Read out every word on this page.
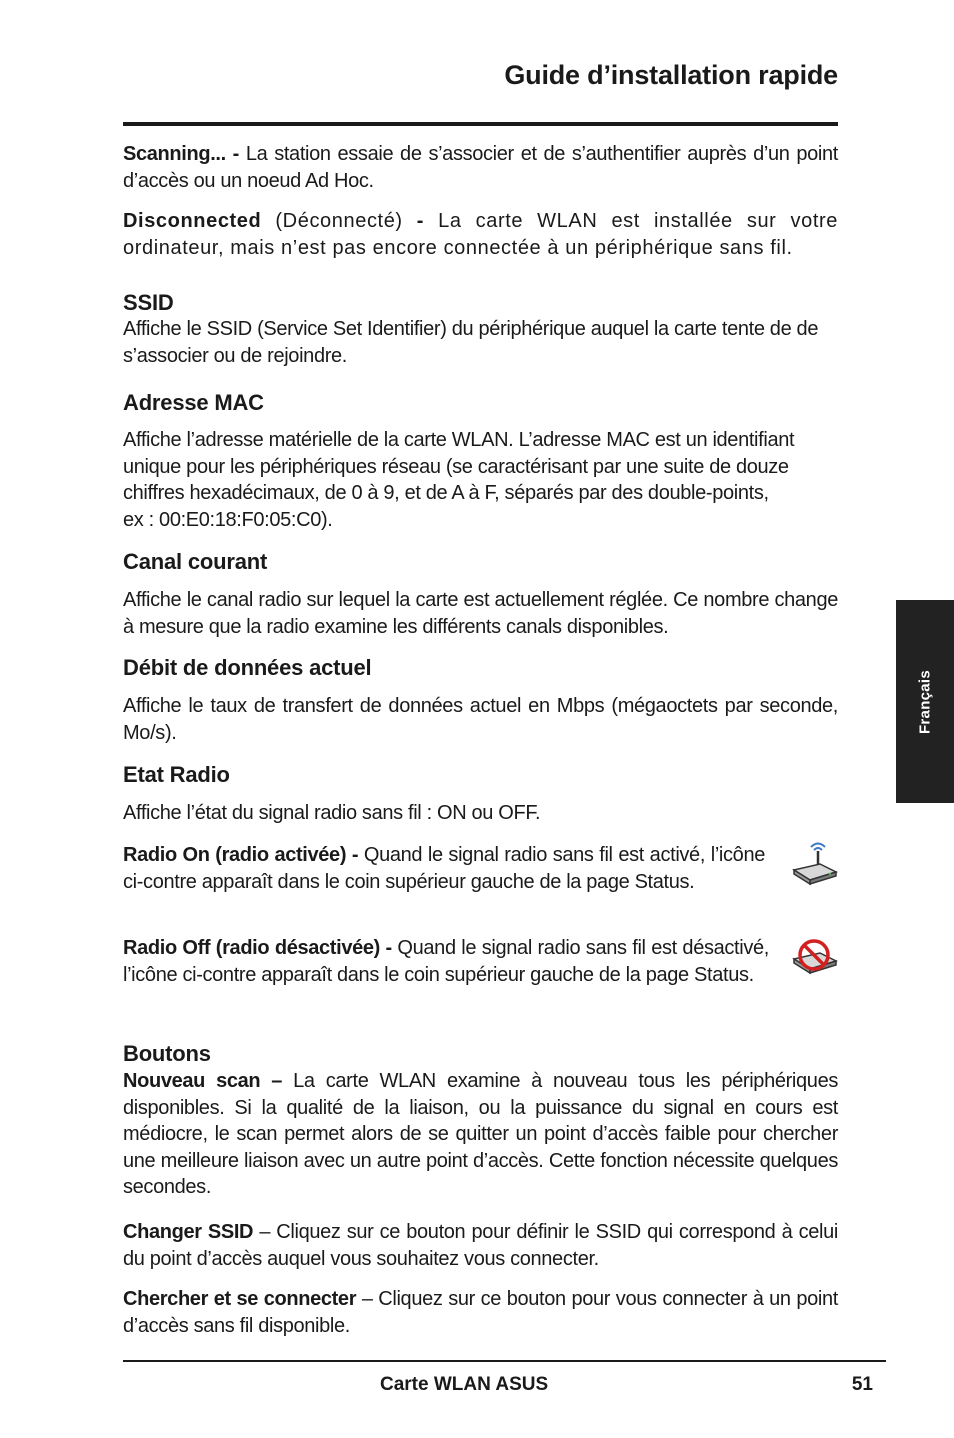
Guide d’installation rapide

Scanning... - La station essaie de s’associer et de s’authentifier auprès d’un point d’accès ou un noeud Ad Hoc.

Disconnected (Déconnecté) - La carte WLAN est installée sur votre ordinateur, mais n’est pas encore connectée à un périphérique sans fil.

SSID

Affiche le SSID (Service Set Identifier) du périphérique auquel la carte tente de de s’associer ou de rejoindre.

Adresse MAC

Affiche l’adresse matérielle de la carte WLAN. L’adresse MAC est un identifiant unique pour les périphériques réseau (se caractérisant par une suite de douze chiffres hexadécimaux, de 0 à 9, et de A à F, séparés par des double-points,

ex : 00:E0:18:F0:05:C0).

Canal courant

Affiche le canal radio sur lequel la carte est actuellement réglée. Ce nombre change à mesure que la radio examine les différents canals disponibles.

Débit de données actuel

Affiche le taux de transfert de données actuel en Mbps (mégaoctets par seconde, Mo/s).

Etat Radio

Affiche l’état du signal radio sans fil : ON ou OFF.

Radio On (radio activée) - Quand le signal radio sans fil est activé, l’icône ci-contre apparaît dans le coin supérieur gauche de la page Status.

Radio Off (radio désactivée) - Quand le signal radio sans fil est désactivé, l’icône ci-contre apparaît dans le coin supérieur gauche de la page Status.

Boutons

Nouveau scan – La carte WLAN examine à nouveau tous les périphériques disponibles. Si la qualité de la liaison, ou la puissance du signal en cours est médiocre, le scan permet alors de se quitter un point d’accès faible pour chercher une meilleure liaison avec un autre point d’accès. Cette fonction nécessite quelques secondes.

Changer SSID – Cliquez sur ce bouton pour définir le SSID qui correspond à celui du point d’accès auquel vous souhaitez vous connecter.

Chercher et se connecter – Cliquez sur ce bouton pour vous connecter à un point d’accès sans fil disponible.

Français
Carte WLAN ASUS	51
